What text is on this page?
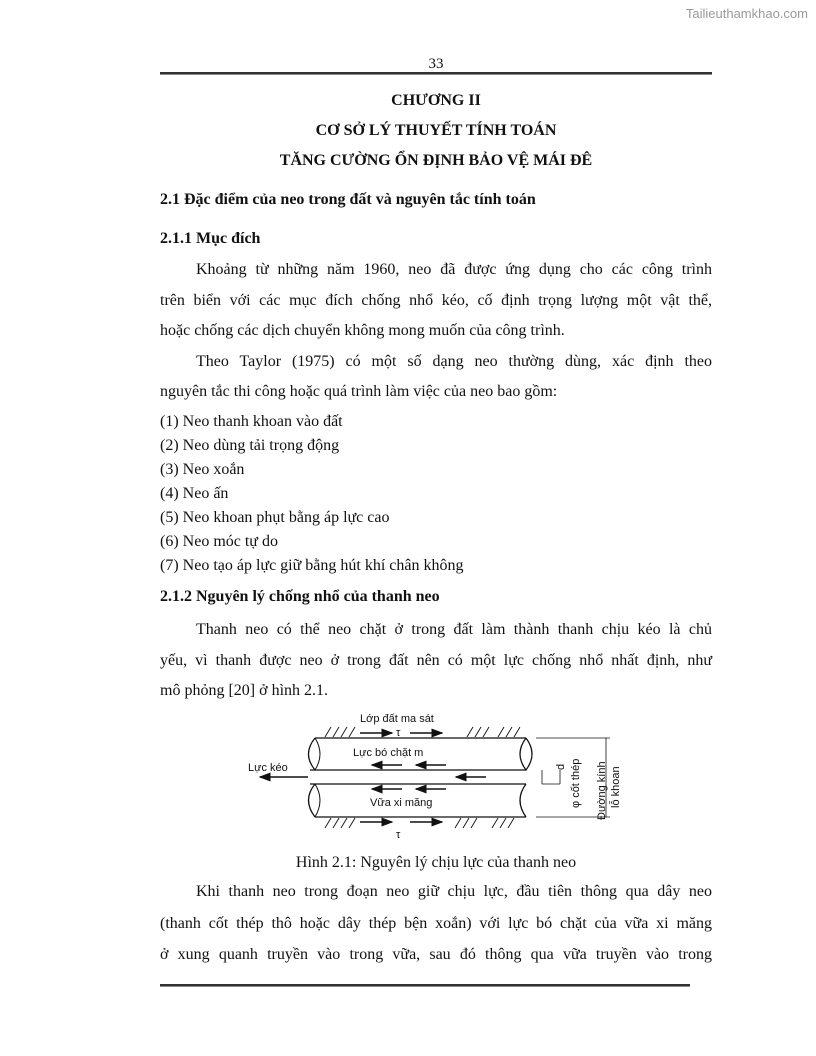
Tailieuthamkhao.com
33
CHƯƠNG II
CƠ SỞ LÝ THUYẾT TÍNH TOÁN
TĂNG CƯỜNG ỔN ĐỊNH BẢO VỆ MÁI ĐÊ
2.1 Đặc điểm của neo trong đất và nguyên tắc tính toán
2.1.1 Mục đích
Khoảng từ những năm 1960, neo đã được ứng dụng cho các công trình
trên biển với các mục đích chống nhổ kéo, cố định trọng lượng một vật thể,
hoặc chống các dịch chuyển không mong muốn của công trình.
Theo Taylor (1975) có một số dạng neo thường dùng, xác định theo
nguyên tắc thi công hoặc quá trình làm việc của neo bao gồm:
(1) Neo thanh khoan vào đất
(2) Neo dùng tải trọng động
(3) Neo xoắn
(4) Neo ấn
(5) Neo khoan phụt bằng áp lực cao
(6) Neo móc tự do
(7) Neo tạo áp lực giữ bằng hút khí chân không
2.1.2 Nguyên lý chống nhổ của thanh neo
Thanh neo có thể neo chặt ở trong đất làm thành thanh chịu kéo là chủ
yếu, vì thanh được neo ở trong đất nên có một lực chống nhổ nhất định, như
mô phỏng [20] ở hình 2.1.
Lớp đất ma sát
τ
τ
Lực bó chặt m
Lực kéo
Vữa xi măng
d φ cốt thép Đường kính lỗ khoan
Hình 2.1: Nguyên lý chịu lực của thanh neo
Khi thanh neo trong đoạn neo giữ chịu lực, đầu tiên thông qua dây neo
(thanh cốt thép thô hoặc dây thép bện xoắn) với lực bó chặt của vữa xi măng
ở xung quanh truyền vào trong vữa, sau đó thông qua vữa truyền vào trong
